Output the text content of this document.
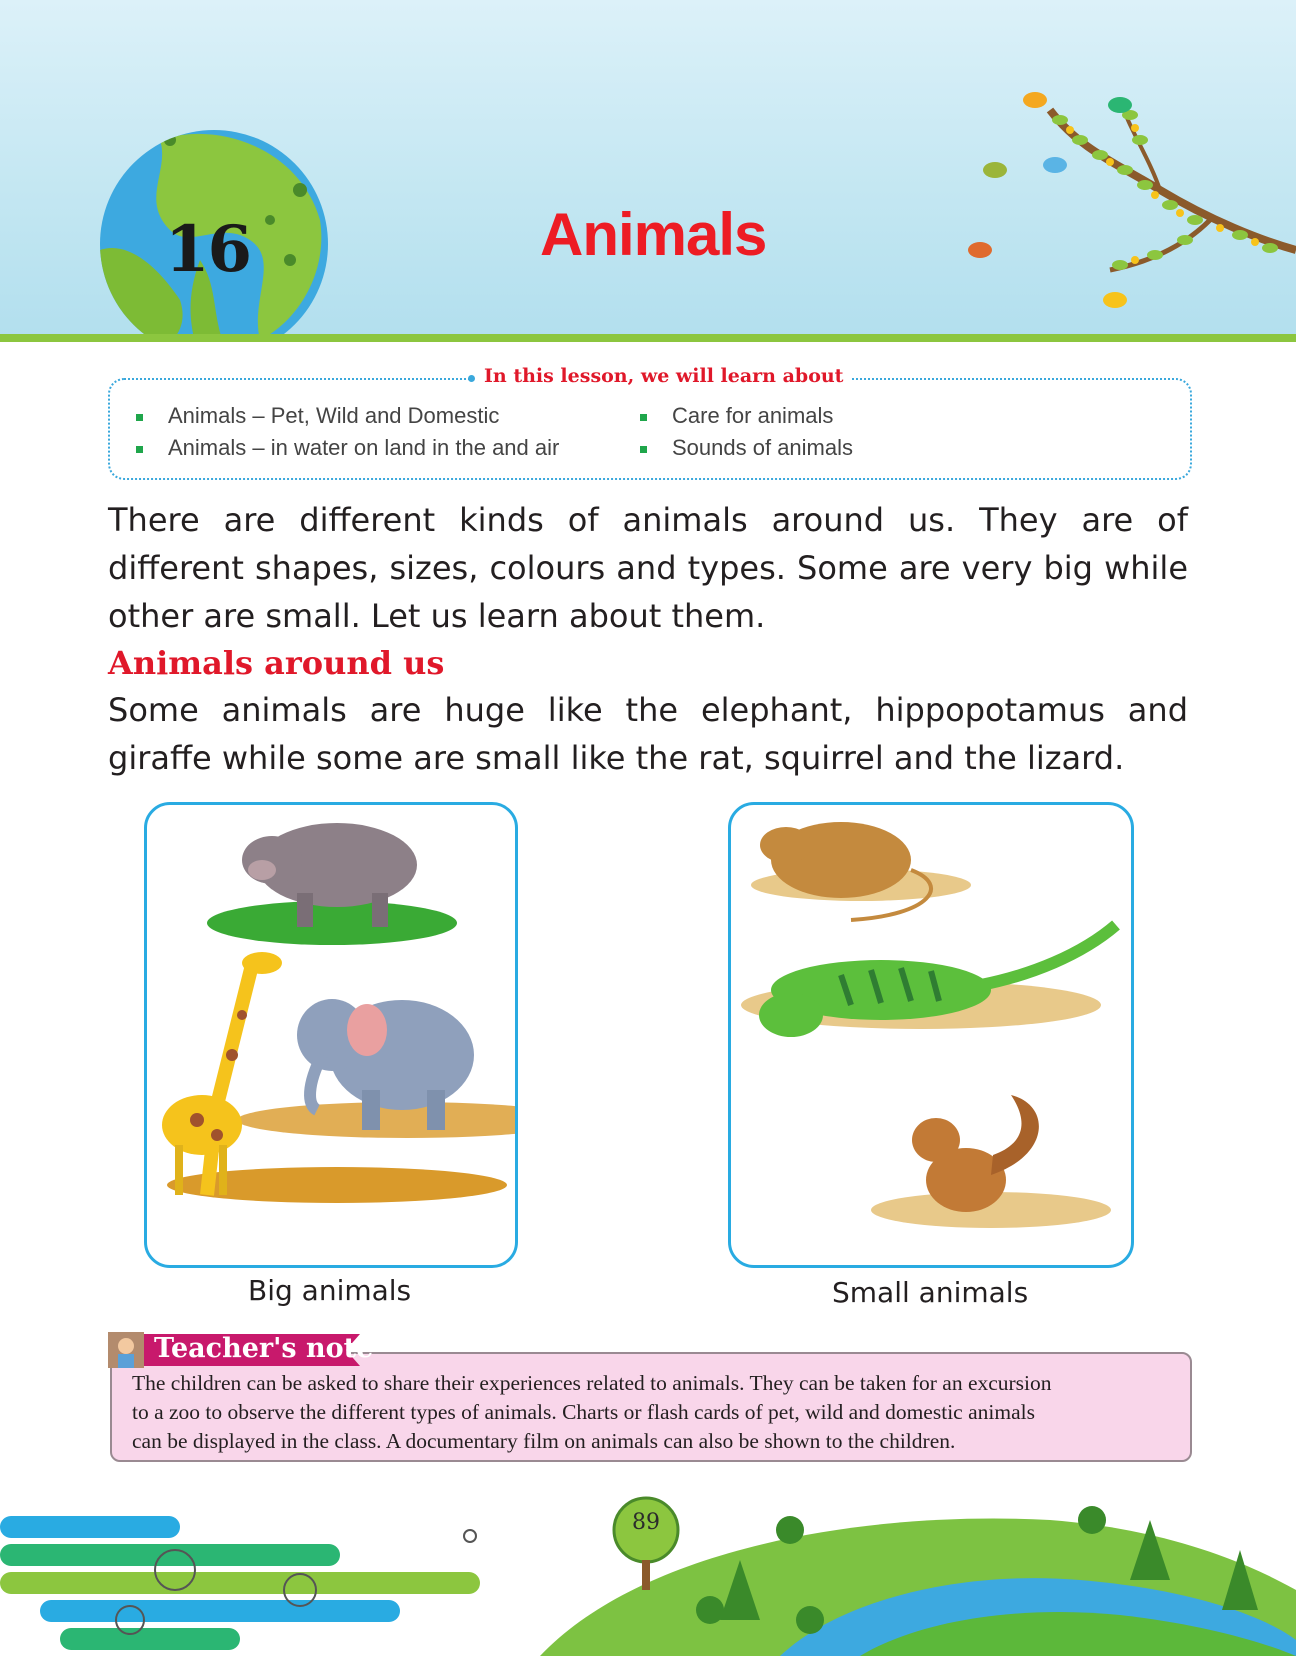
16	Animals
In this lesson, we will learn about
Animals – Pet, Wild and Domestic
Animals – in water on land in the and air
Care for animals
Sounds of animals

There are different kinds of animals around us. They are of different shapes, sizes, colours and types. Some are very big while other are small. Let us learn about them.

Animals around us

Some animals are huge like the elephant, hippopotamus and giraffe while some are small like the rat, squirrel and the lizard.

Big animals	Small animals
Teacher's note

The children can be asked to share their experiences related to animals. They can be taken for an excursion
to a zoo to observe the different types of animals. Charts or flash cards of pet, wild and domestic animals
can be displayed in the class. A documentary film on animals can also be shown to the children.

89
